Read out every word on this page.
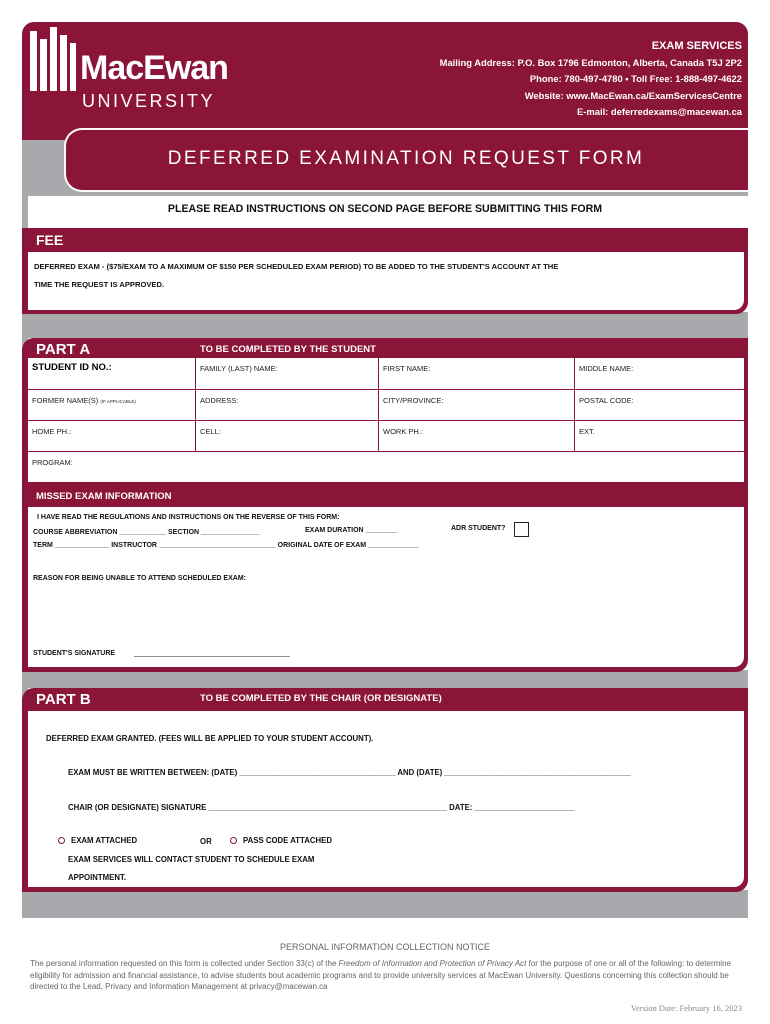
MacEwan
UNIVERSITY
EXAM SERVICES
Mailing Address: P.O. Box 1796 Edmonton, Alberta, Canada T5J 2P2
Phone: 780-497-4780 • Toll Free: 1-888-497-4622
Website: www.MacEwan.ca/ExamServicesCentre
E-mail: deferredexams@macewan.ca
DEFERRED EXAMINATION REQUEST FORM
PLEASE READ INSTRUCTIONS ON SECOND PAGE BEFORE SUBMITTING THIS FORM
FEE
DEFERRED EXAM - ($75/EXAM TO A MAXIMUM OF $150 PER SCHEDULED EXAM PERIOD) TO BE ADDED TO THE STUDENT'S ACCOUNT AT THE
TIME THE REQUEST IS APPROVED.
PART A	TO BE COMPLETED BY THE STUDENT
STUDENT ID NO.:	FAMILY (LAST) NAME:	FIRST NAME:	MIDDLE NAME:
FORMER NAME(S) (IF APPLICABLE)	ADDRESS:	CITY/PROVINCE:	POSTAL CODE:
HOME PH.:	CELL:	WORK PH.:	EXT.
PROGRAM:
MISSED EXAM INFORMATION
I HAVE READ THE REGULATIONS AND INSTRUCTIONS ON THE REVERSE OF THIS FORM:
COURSE ABBREVIATION ____________ SECTION _______________	EXAM DURATION ________	ADR STUDENT?
TERM ______________ INSTRUCTOR ______________________________ ORIGINAL DATE OF EXAM _____________
REASON FOR BEING UNABLE TO ATTEND SCHEDULED EXAM:
STUDENT'S SIGNATURE	________________________________________
PART B	TO BE COMPLETED BY THE CHAIR (OR DESIGNATE)
DEFERRED EXAM GRANTED. (FEES WILL BE APPLIED TO YOUR STUDENT ACCOUNT).
EXAM MUST BE WRITTEN BETWEEN: (DATE) ____________________________________ AND (DATE) ___________________________________________
CHAIR (OR DESIGNATE) SIGNATURE _______________________________________________________ DATE: _______________________
EXAM ATTACHED	OR	PASS CODE ATTACHED
EXAM SERVICES WILL CONTACT STUDENT TO SCHEDULE EXAM
APPOINTMENT.
PERSONAL INFORMATION COLLECTION NOTICE
The personal information requested on this form is collected under Section 33(c) of the Freedom of Information and Protection of Privacy Act for the purpose of one or all of the following: to determine eligibility for admission and financial assistance, to advise students bout academic programs and to provide university services at MacEwan University. Questions concerning this collection should be directed to the Lead, Privacy and Information Management at privacy@macewan.ca
Version Date: February 16, 2023
